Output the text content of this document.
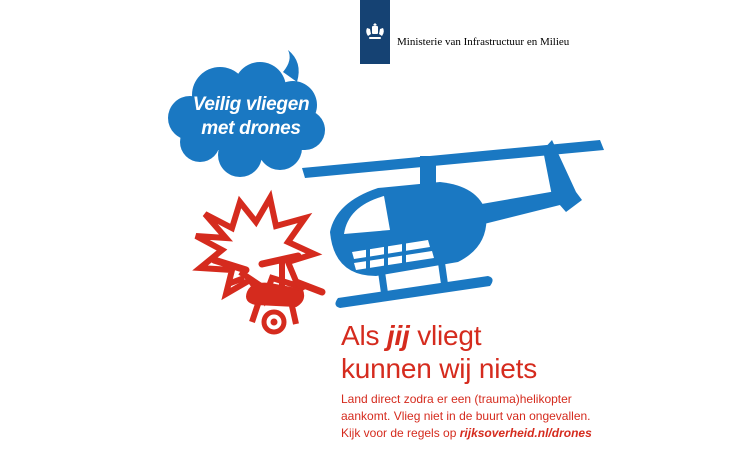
Ministerie van Infrastructuur en Milieu
Veilig vliegen
met drones
Als jij vliegt
kunnen wij niets
Land direct zodra er een (trauma)helikopter
aankomt. Vlieg niet in de buurt van ongevallen.
Kijk voor de regels op rijksoverheid.nl/drones
